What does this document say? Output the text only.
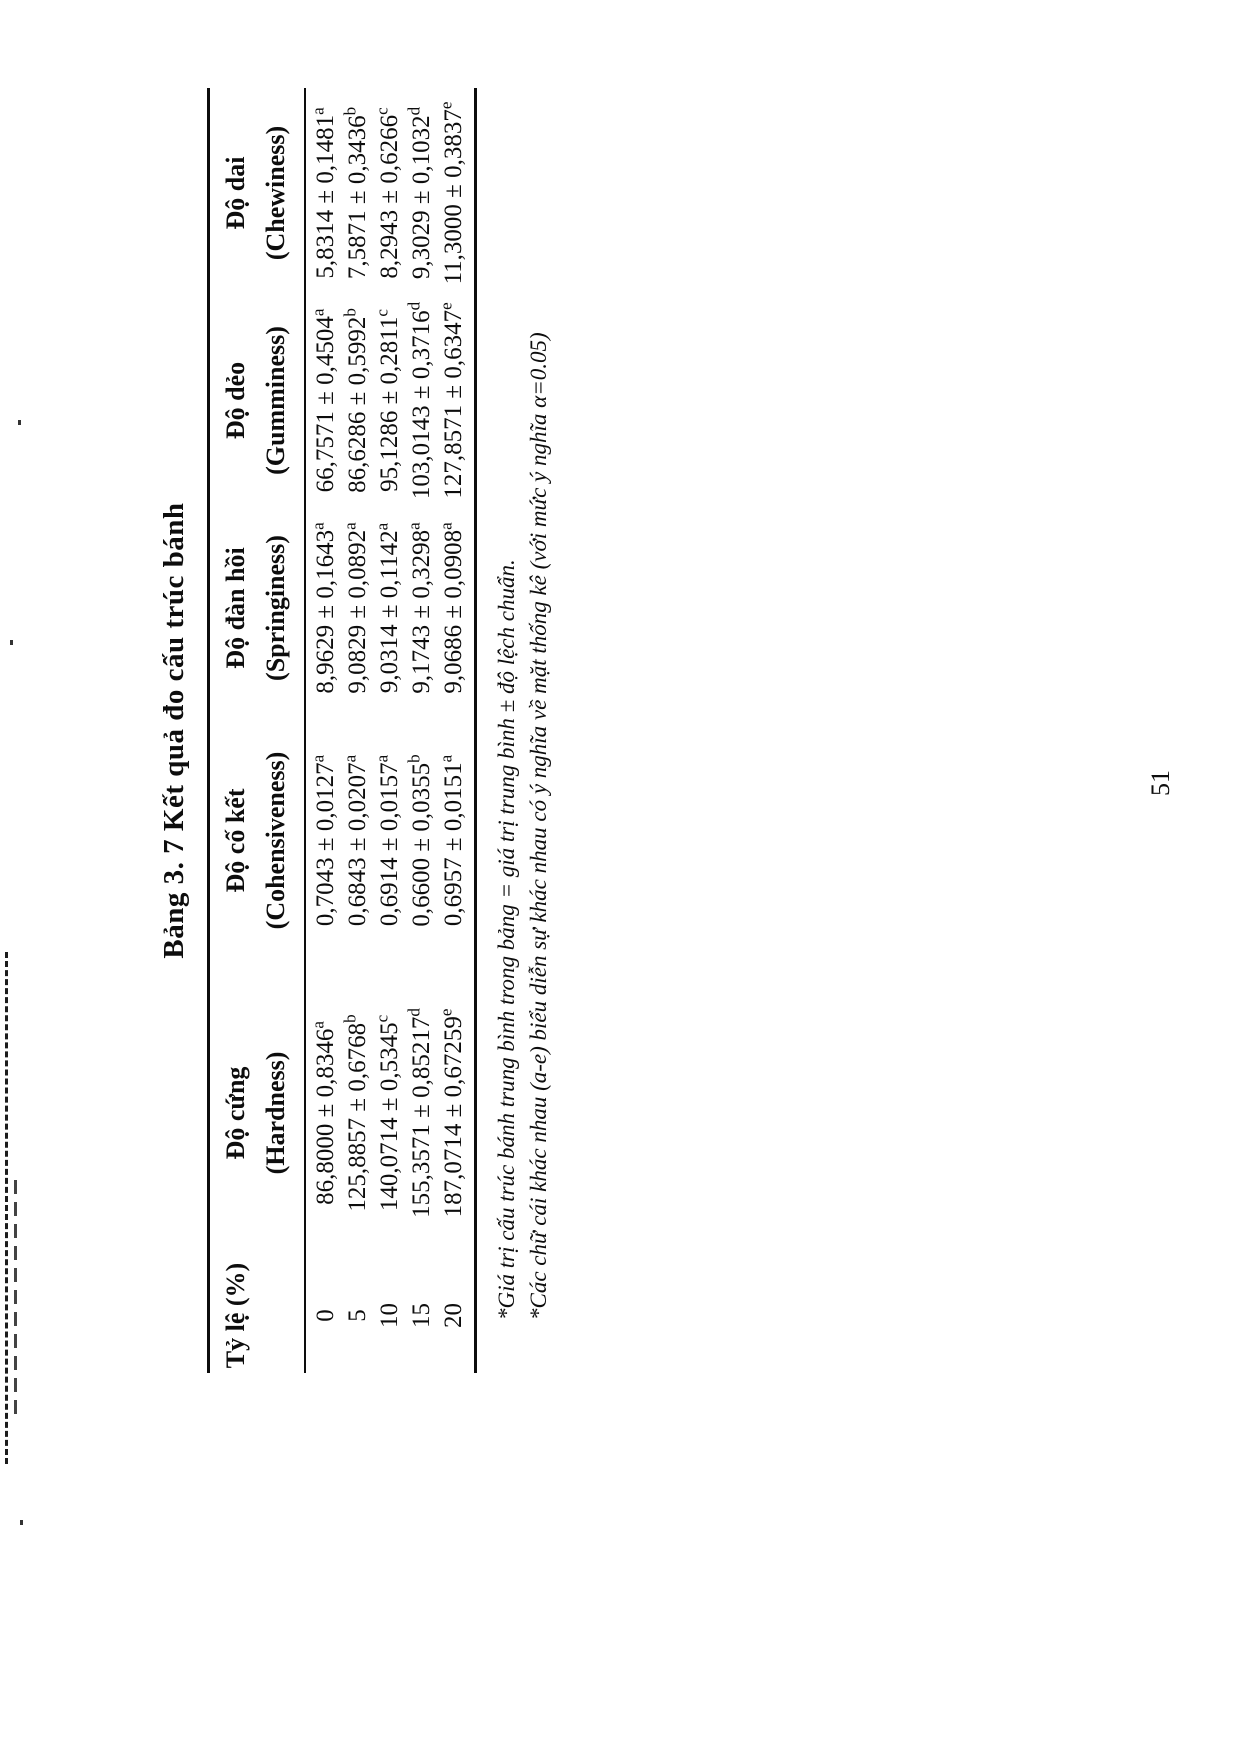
Bảng 3. 7 Kết quả đo cấu trúc bánh
Tỷ lệ (%)	Độ cứng (Hardness)	Độ cố kết (Cohensiveness)	Độ đàn hồi (Springiness)	Độ dẻo (Gumminess)	Độ dai (Chewiness)
0	86,8000 ± 0,8346$^a$	0,7043 ± 0,0127$^a$	8,9629 ± 0,1643$^a$	66,7571 ± 0,4504$^a$	5,8314 ± 0,1481$^a$
5	125,8857 ± 0,6768$^b$	0,6843 ± 0,0207$^a$	9,0829 ± 0,0892$^a$	86,6286 ± 0,5992$^b$	7,5871 ± 0,3436$^b$
10	140,0714 ± 0,5345$^c$	0,6914 ± 0,0157$^a$	9,0314 ± 0,1142$^a$	95,1286 ± 0,2811$^c$	8,2943 ± 0,6266$^c$
15	155,3571 ± 0,85217$^d$	0,6600 ± 0,0355$^b$	9,1743 ± 0,3298$^a$	103,0143 ± 0,3716$^d$	9,3029 ± 0,1032$^d$
20	187,0714 ± 0,67259$^e$	0,6957 ± 0,0151$^a$	9,0686 ± 0,0908$^a$	127,8571 ± 0,6347$^e$	11,3000 ± 0,3837$^e$
*Giá trị cấu trúc bánh trung bình trong bảng = giá trị trung bình ± độ lệch chuẩn. *Các chữ cái khác nhau (a-e) biểu diễn sự khác nhau có ý nghĩa về mặt thống kê (với mức ý nghĩa α=0.05)	51
